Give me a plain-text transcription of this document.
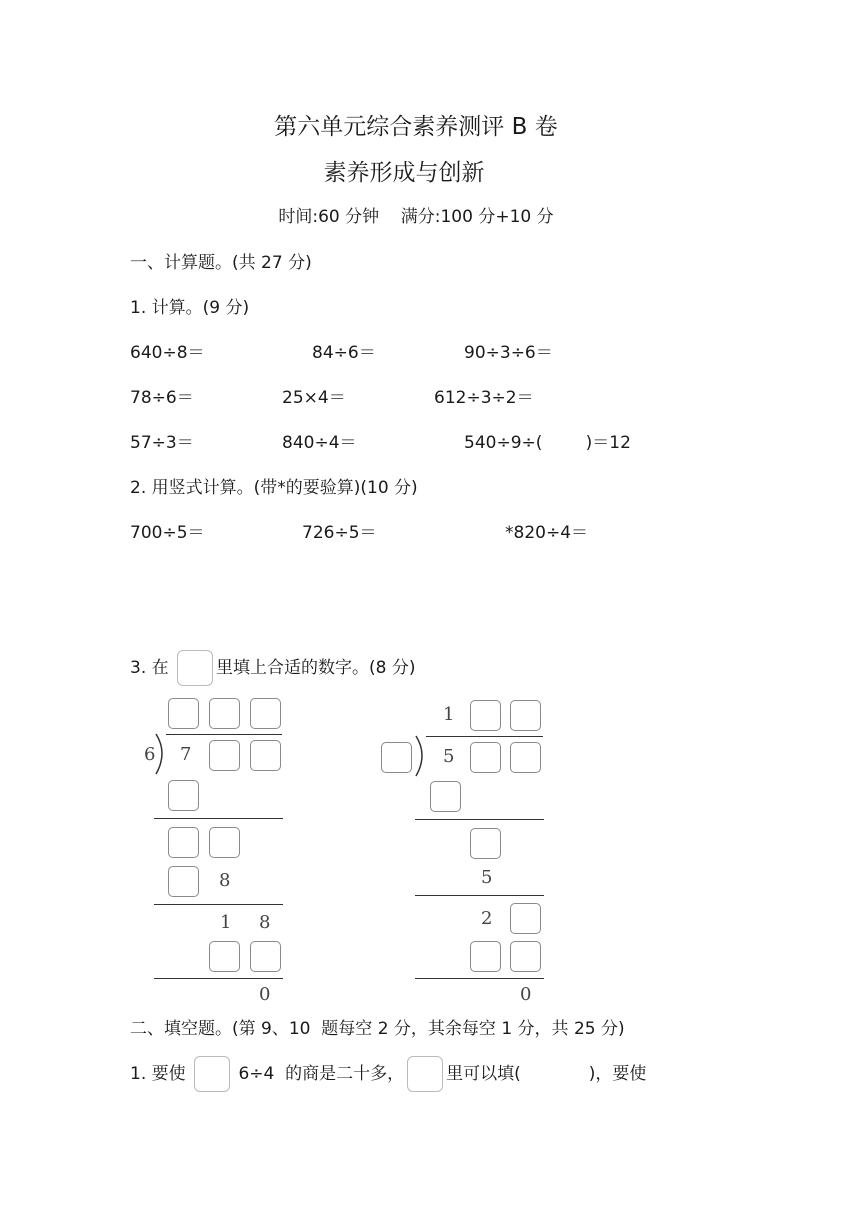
第六单元综合素养测评 B 卷
素养形成与创新
时间:60 分钟    满分:100 分+10 分
一、计算题。(共 27 分)
1. 计算。(9 分)
640÷8＝	84÷6＝	90÷3÷6＝
78÷6＝	25×4＝	612÷3÷2＝
57÷3＝	840÷4＝	540÷9÷(        )＝12
2. 用竖式计算。(带*的要验算)(10 分)
700÷5＝	726÷5＝	*820÷4＝
3. 在	里填上合适的数字。(8 分)
6 7
8
1 8
0
1
5
5
2
0
二、填空题。(第 9、10  题每空 2 分，其余每空 1 分，共 25 分)
1. 要使	6÷4  的商是二十多， 里可以填(	)，要使
